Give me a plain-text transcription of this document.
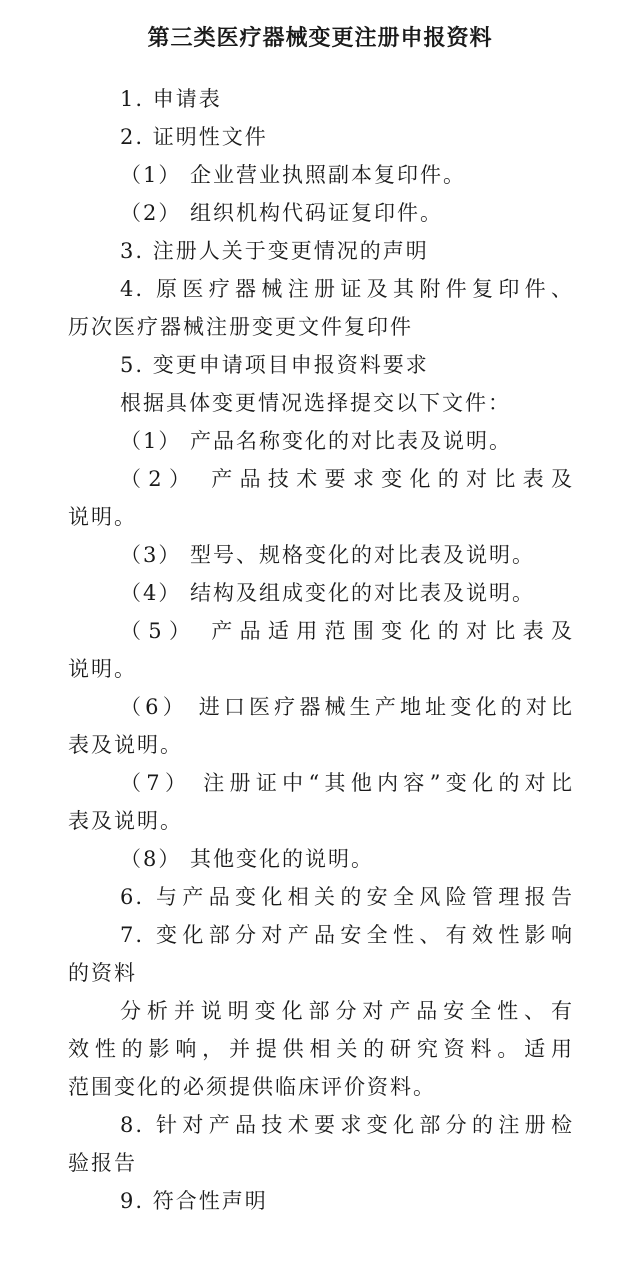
第三类医疗器械变更注册申报资料
1. 申请表
2. 证明性文件
（1） 企业营业执照副本复印件。
（2） 组织机构代码证复印件。
3. 注册人关于变更情况的声明
4. 原医疗器械注册证及其附件复印件、
历次医疗器械注册变更文件复印件
5. 变更申请项目申报资料要求
根据具体变更情况选择提交以下文件：
（1） 产品名称变化的对比表及说明。
（2） 产品技术要求变化的对比表及
说明。
（3） 型号、规格变化的对比表及说明。
（4） 结构及组成变化的对比表及说明。
（5） 产品适用范围变化的对比表及
说明。
（6） 进口医疗器械生产地址变化的对比
表及说明。
（7） 注册证中“其他内容”变化的对比
表及说明。
（8） 其他变化的说明。
6. 与产品变化相关的安全风险管理报告
7. 变化部分对产品安全性、有效性影响
的资料
分析并说明变化部分对产品安全性、有
效性的影响，并提供相关的研究资料。适用
范围变化的必须提供临床评价资料。
8. 针对产品技术要求变化部分的注册检
验报告
9. 符合性声明
